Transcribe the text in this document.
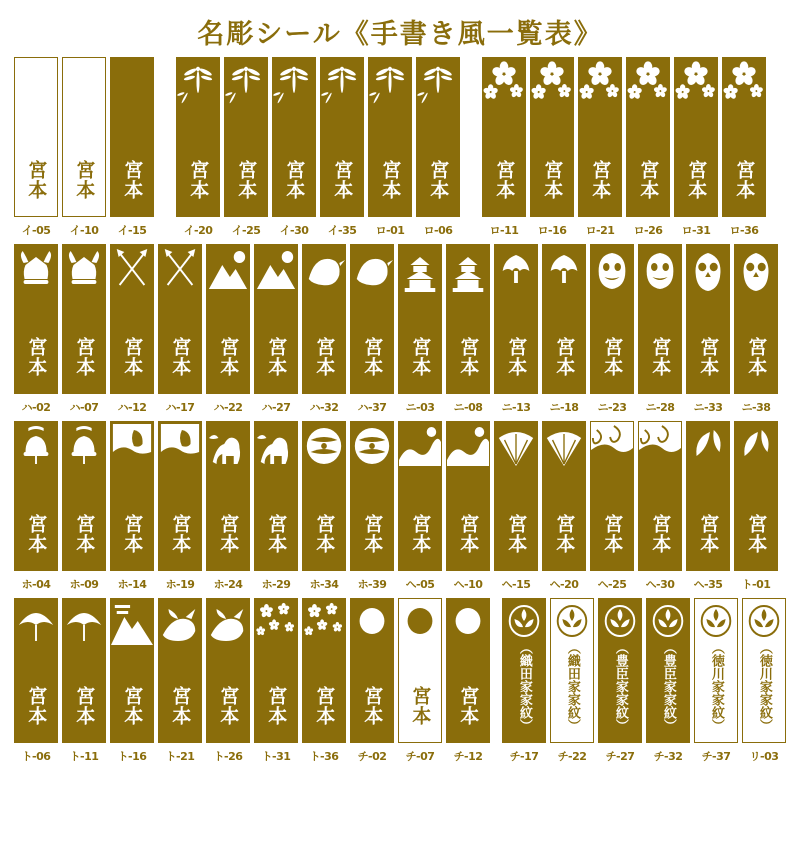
名彫シール《手書き風一覧表》
宮本
イ-05
宮本
イ-10
宮本
イ-15
宮本
イ-20
宮本
イ-25
宮本
イ-30
宮本
イ-35
宮本
ロ-01
宮本
ロ-06
宮本
ロ-11
宮本
ロ-16
宮本
ロ-21
宮本
ロ-26
宮本
ロ-31
宮本
ロ-36
宮本
ハ-02
宮本
ハ-07
宮本
ハ-12
宮本
ハ-17
宮本
ハ-22
宮本
ハ-27
宮本
ハ-32
宮本
ハ-37
宮本
ニ-03
宮本
ニ-08
宮本
ニ-13
宮本
ニ-18
宮本
ニ-23
宮本
ニ-28
宮本
ニ-33
宮本
ニ-38
宮本
ホ-04
宮本
ホ-09
宮本
ホ-14
宮本
ホ-19
宮本
ホ-24
宮本
ホ-29
宮本
ホ-34
宮本
ホ-39
宮本
ヘ-05
宮本
ヘ-10
宮本
ヘ-15
宮本
ヘ-20
宮本
ヘ-25
宮本
ヘ-30
宮本
ヘ-35
宮本
ト-01
宮本
ト-06
宮本
ト-11
宮本
ト-16
宮本
ト-21
宮本
ト-26
宮本
ト-31
宮本
ト-36
宮本
チ-02
宮本
チ-07
宮本
チ-12
（織田家家紋）
チ-17
（織田家家紋）
チ-22
（豊臣家家紋）
チ-27
（豊臣家家紋）
チ-32
（徳川家家紋）
チ-37
（徳川家家紋）
リ-03
